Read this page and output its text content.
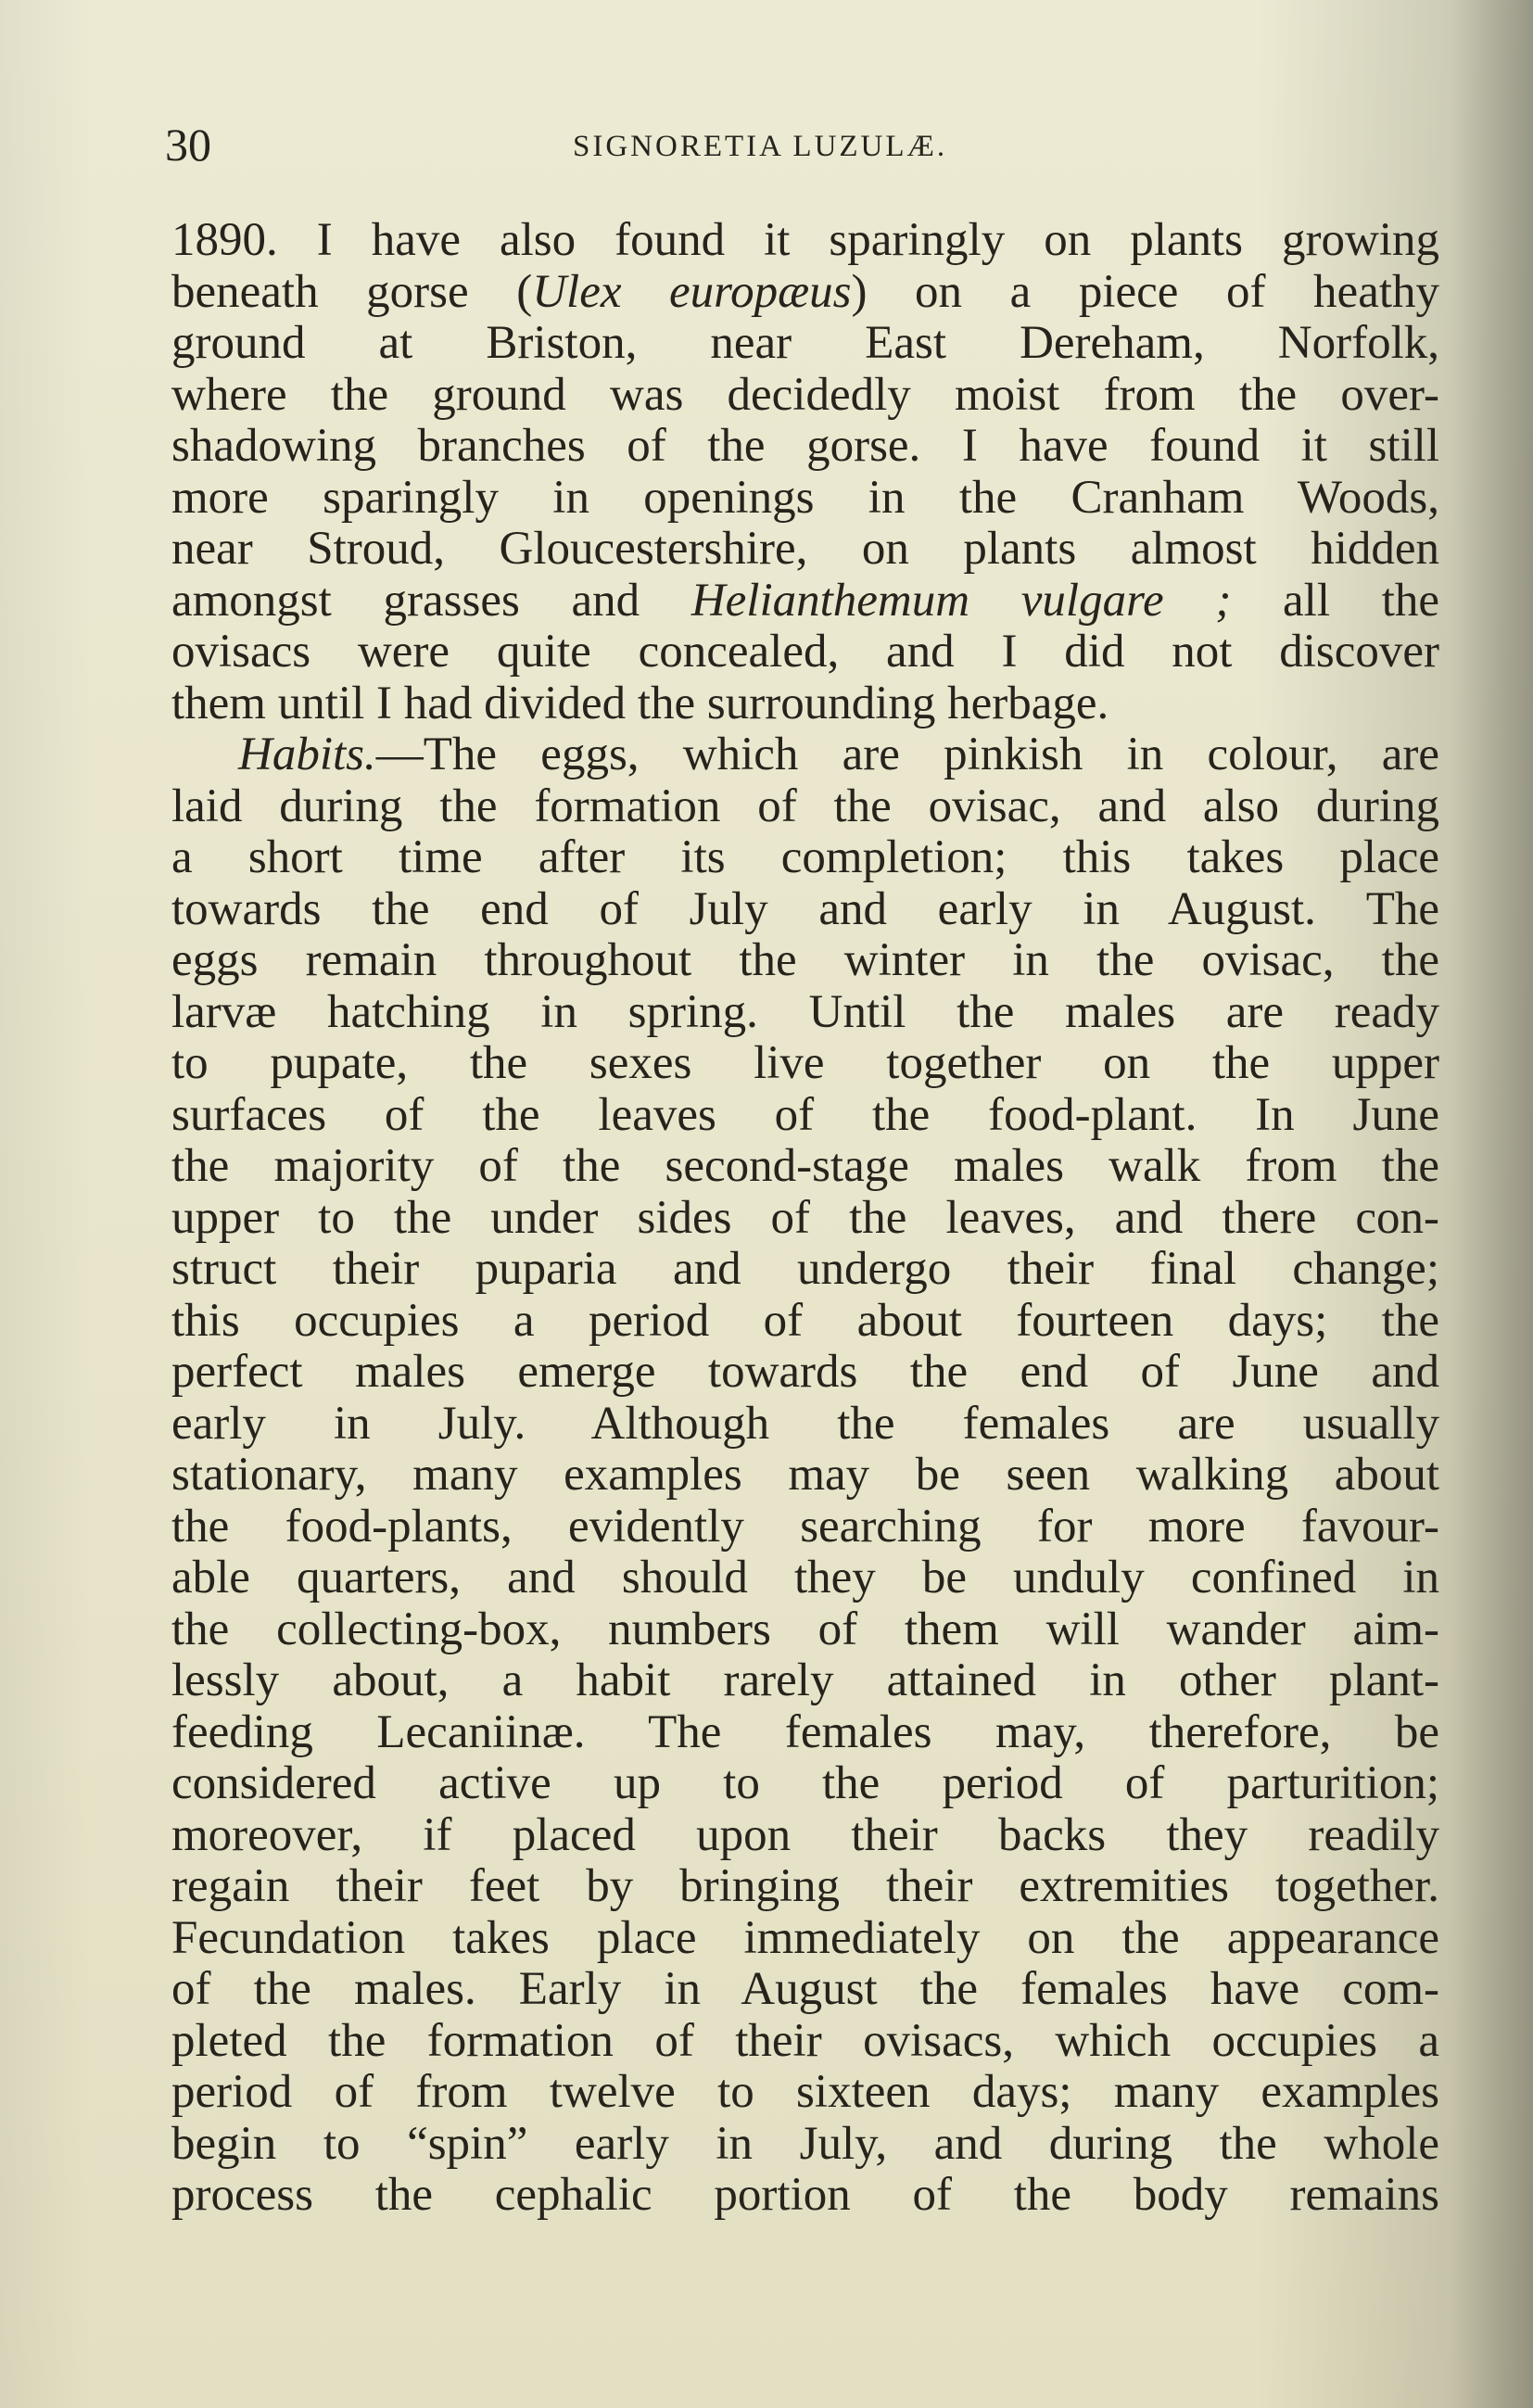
30	SIGNORETIA LUZULÆ.
1890. I have also found it sparingly on plants growing
beneath gorse (Ulex europæus) on a piece of heathy
ground at Briston, near East Dereham, Norfolk,
where the ground was decidedly moist from the over-
shadowing branches of the gorse. I have found it still
more sparingly in openings in the Cranham Woods,
near Stroud, Gloucestershire, on plants almost hidden
amongst grasses and Helianthemum vulgare ; all the
ovisacs were quite concealed, and I did not discover
them until I had divided the surrounding herbage.
Habits.—The eggs, which are pinkish in colour, are
laid during the formation of the ovisac, and also during
a short time after its completion; this takes place
towards the end of July and early in August. The
eggs remain throughout the winter in the ovisac, the
larvæ hatching in spring. Until the males are ready
to pupate, the sexes live together on the upper
surfaces of the leaves of the food-plant. In June
the majority of the second-stage males walk from the
upper to the under sides of the leaves, and there con-
struct their puparia and undergo their final change;
this occupies a period of about fourteen days; the
perfect males emerge towards the end of June and
early in July. Although the females are usually
stationary, many examples may be seen walking about
the food-plants, evidently searching for more favour-
able quarters, and should they be unduly confined in
the collecting-box, numbers of them will wander aim-
lessly about, a habit rarely attained in other plant-
feeding Lecaniinæ. The females may, therefore, be
considered active up to the period of parturition;
moreover, if placed upon their backs they readily
regain their feet by bringing their extremities together.
Fecundation takes place immediately on the appearance
of the males. Early in August the females have com-
pleted the formation of their ovisacs, which occupies a
period of from twelve to sixteen days; many examples
begin to “spin” early in July, and during the whole
process the cephalic portion of the body remains
